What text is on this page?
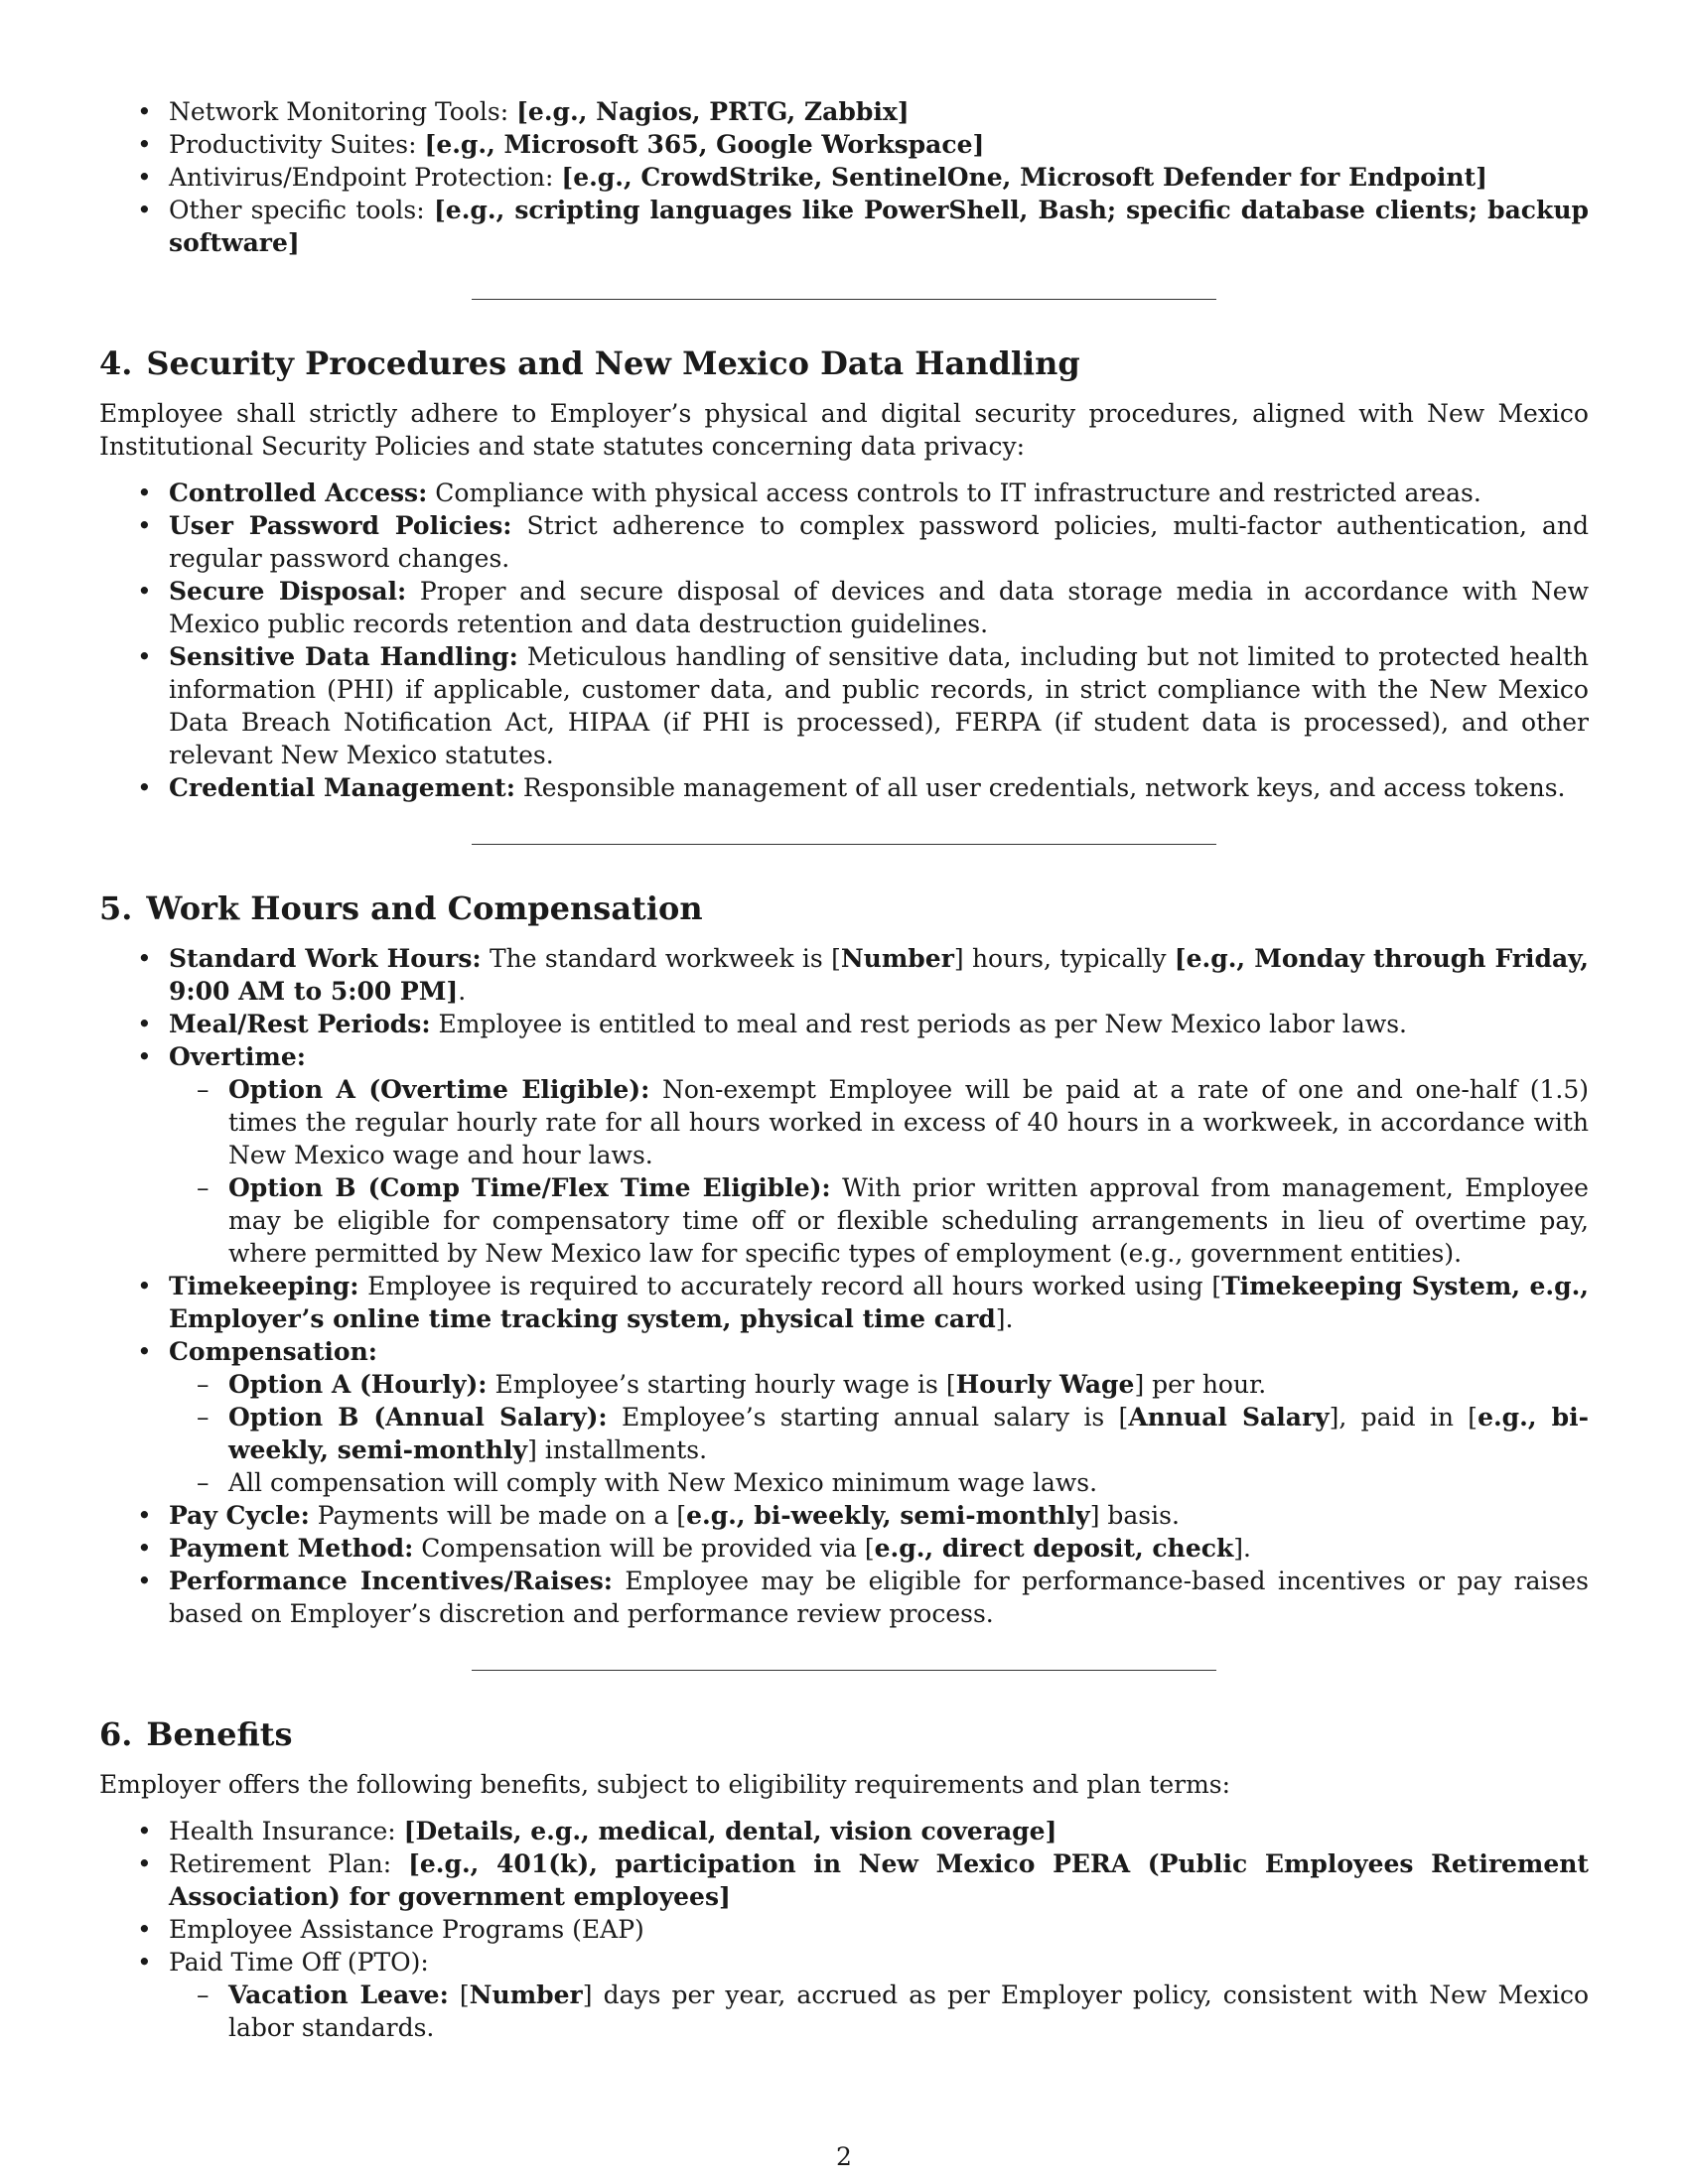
• Network Monitoring Tools: [e.g., Nagios, PRTG, Zabbix]
• Productivity Suites: [e.g., Microsoft 365, Google Workspace]
• Antivirus/Endpoint Protection: [e.g., CrowdStrike, SentinelOne, Microsoft Defender for Endpoint]
• Other specific tools: [e.g., scripting languages like PowerShell, Bash; specific database clients; backup software]
4. Security Procedures and New Mexico Data Handling

Employee shall strictly adhere to Employer’s physical and digital security procedures, aligned with New Mexico Institutional Security Policies and state statutes concerning data privacy:

• Controlled Access: Compliance with physical access controls to IT infrastructure and restricted areas.
• User Password Policies: Strict adherence to complex password policies, multi-factor authentication, and regular password changes.
• Secure Disposal: Proper and secure disposal of devices and data storage media in accordance with New Mexico public records retention and data destruction guidelines.
• Sensitive Data Handling: Meticulous handling of sensitive data, including but not limited to protected health information (PHI) if applicable, customer data, and public records, in strict compliance with the New Mexico Data Breach Notification Act, HIPAA (if PHI is processed), FERPA (if student data is processed), and other relevant New Mexico statutes.
• Credential Management: Responsible management of all user credentials, network keys, and access tokens.
5. Work Hours and Compensation
• Standard Work Hours: The standard workweek is [Number] hours, typically [e.g., Monday through Friday, 9:00 AM to 5:00 PM].
• Meal/Rest Periods: Employee is entitled to meal and rest periods as per New Mexico labor laws.
• Overtime:
– Option A (Overtime Eligible): Non-exempt Employee will be paid at a rate of one and one-half (1.5) times the regular hourly rate for all hours worked in excess of 40 hours in a workweek, in accordance with New Mexico wage and hour laws.
– Option B (Comp Time/Flex Time Eligible): With prior written approval from management, Employee may be eligible for compensatory time off or flexible scheduling arrangements in lieu of overtime pay, where permitted by New Mexico law for specific types of employment (e.g., government entities).
• Timekeeping: Employee is required to accurately record all hours worked using [Timekeeping System, e.g., Employer’s online time tracking system, physical time card].
• Compensation:
– Option A (Hourly): Employee’s starting hourly wage is [Hourly Wage] per hour.
– Option B (Annual Salary): Employee’s starting annual salary is [Annual Salary], paid in [e.g., bi-weekly, semi-monthly] installments.
– All compensation will comply with New Mexico minimum wage laws.
• Pay Cycle: Payments will be made on a [e.g., bi-weekly, semi-monthly] basis.
• Payment Method: Compensation will be provided via [e.g., direct deposit, check].
• Performance Incentives/Raises: Employee may be eligible for performance-based incentives or pay raises based on Employer’s discretion and performance review process.
6. Benefits

Employer offers the following benefits, subject to eligibility requirements and plan terms:

• Health Insurance: [Details, e.g., medical, dental, vision coverage]
• Retirement Plan: [e.g., 401(k), participation in New Mexico PERA (Public Employees Retirement Association) for government employees]
• Employee Assistance Programs (EAP)
• Paid Time Off (PTO):
– Vacation Leave: [Number] days per year, accrued as per Employer policy, consistent with New Mexico labor standards.
2
